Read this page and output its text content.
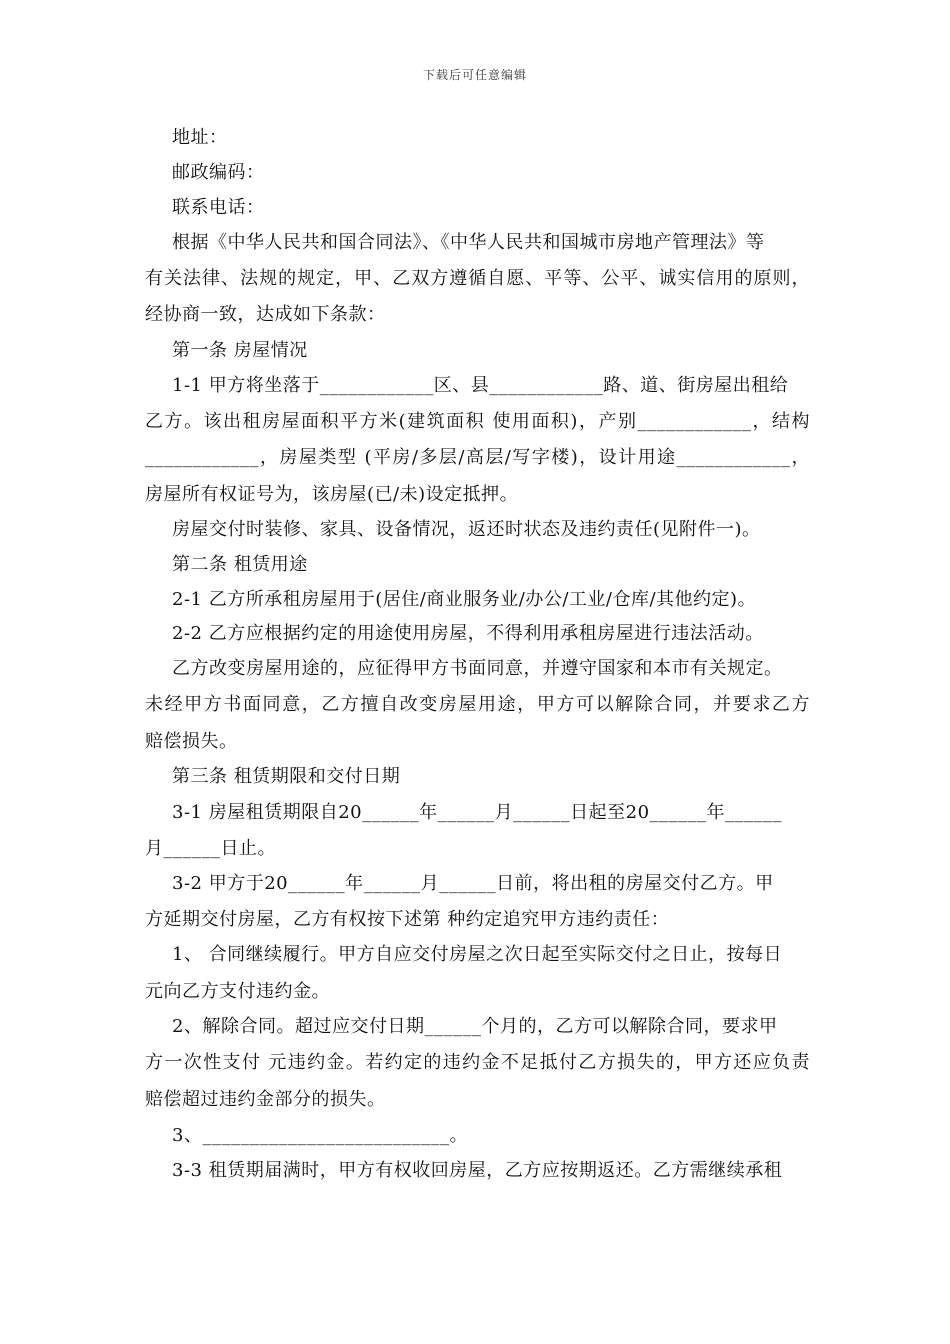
下载后可任意编辑
地址：
邮政编码：
联系电话：
根据《中华人民共和国合同法》、《中华人民共和国城市房地产管理法》等
有关法律、法规的规定，甲、乙双方遵循自愿、平等、公平、诚实信用的原则，
经协商一致，达成如下条款：
第一条 房屋情况
1-1 甲方将坐落于____________区、县____________路、道、街房屋出租给
乙方。该出租房屋面积平方米(建筑面积 使用面积)，产别____________，结构
____________，房屋类型 (平房/多层/高层/写字楼)，设计用途____________，
房屋所有权证号为，该房屋(已/未)设定抵押。
房屋交付时装修、家具、设备情况，返还时状态及违约责任(见附件一)。
第二条 租赁用途
2-1 乙方所承租房屋用于(居住/商业服务业/办公/工业/仓库/其他约定)。
2-2 乙方应根据约定的用途使用房屋，不得利用承租房屋进行违法活动。
乙方改变房屋用途的，应征得甲方书面同意，并遵守国家和本市有关规定。
未经甲方书面同意，乙方擅自改变房屋用途，甲方可以解除合同，并要求乙方
赔偿损失。
第三条 租赁期限和交付日期
3-1 房屋租赁期限自20______年______月______日起至20______年______
月______日止。
3-2 甲方于20______年______月______日前，将出租的房屋交付乙方。甲
方延期交付房屋，乙方有权按下述第 种约定追究甲方违约责任：
1、 合同继续履行。甲方自应交付房屋之次日起至实际交付之日止，按每日
元向乙方支付违约金。
2、解除合同。超过应交付日期______个月的，乙方可以解除合同，要求甲
方一次性支付 元违约金。若约定的违约金不足抵付乙方损失的，甲方还应负责
赔偿超过违约金部分的损失。
3、__________________________。
3-3 租赁期届满时，甲方有权收回房屋，乙方应按期返还。乙方需继续承租
